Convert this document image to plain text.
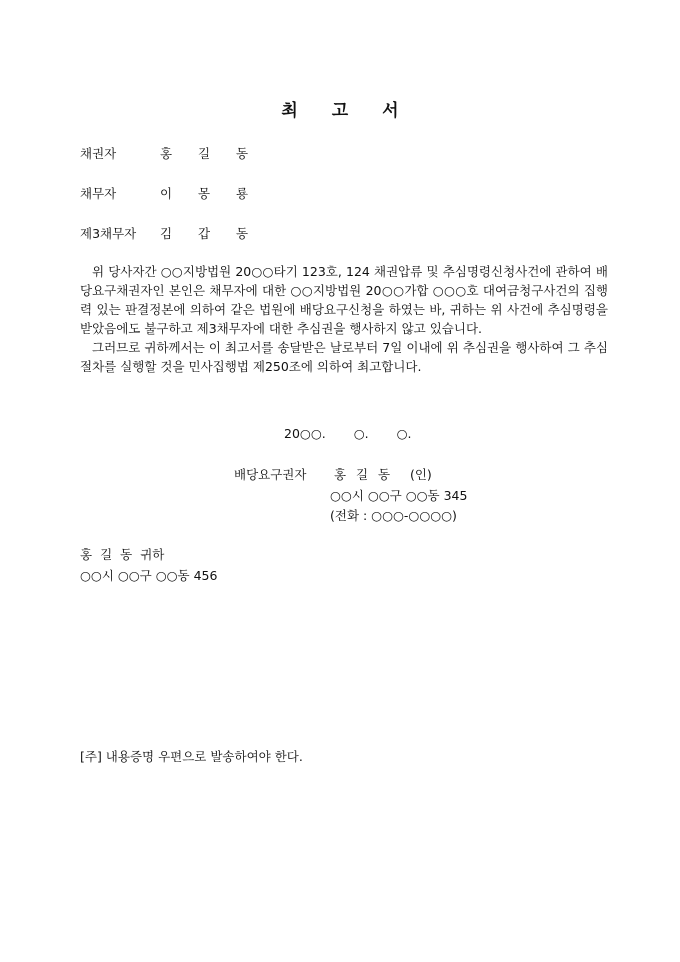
최 고 서
채권자	홍 길 동
채무자	이 몽 룡
제3채무자 김 갑 동

위 당사자간 ○○지방법원 20○○타기 123호, 124 채권압류 및 추심명령신청사건에 관하여 배당요구채권자인 본인은 채무자에 대한 ○○지방법원 20○○가합 ○○○호 대여금청구사건의 집행력 있는 판결정본에 의하여 같은 법원에 배당요구신청을 하였는 바, 귀하는 위 사건에 추심명령을 받았음에도 불구하고 제3채무자에 대한 추심권을 행사하지 않고 있습니다.

그러므로 귀하께서는 이 최고서를 송달받은 날로부터 7일 이내에 위 추심권을 행사하여 그 추심절차를 실행할 것을 민사집행법 제250조에 의하여 최고합니다.

20○○. ○. ○.
배당요구권자 홍 길 동 (인)
○○시 ○○구 ○○동 345
(전화 : ○○○-○○○○)
홍 길 동 귀하
○○시 ○○구 ○○동 456
[주] 내용증명 우편으로 발송하여야 한다.
